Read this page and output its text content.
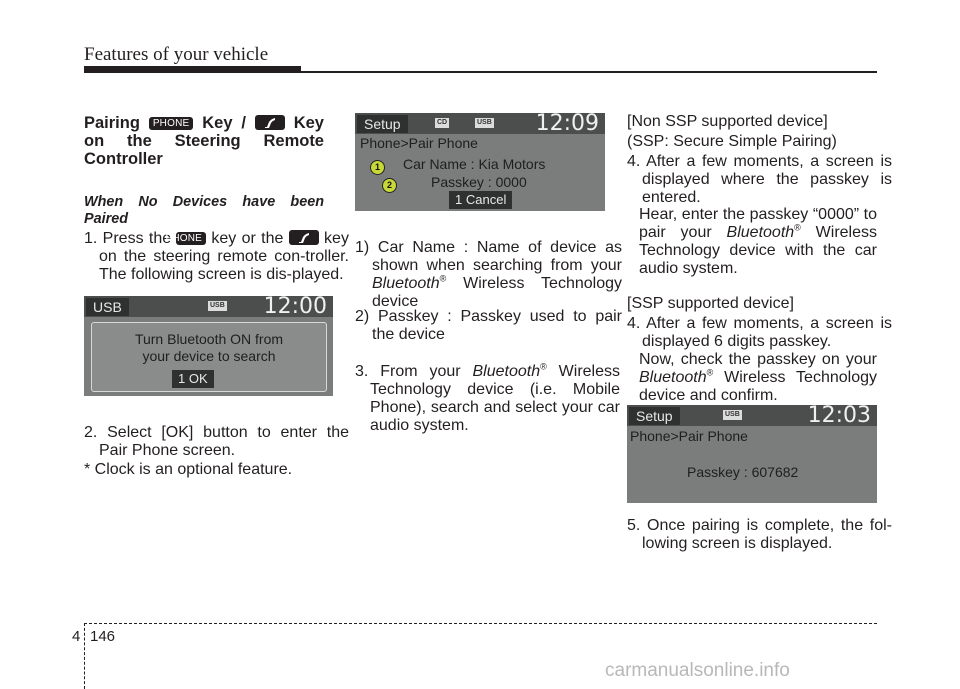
Features of your vehicle
Pairing PHONE Key /	Key on the Steering Remote Controller
When No Devices have been Paired
1. Press the PHONE key or the	key on the steering remote con-troller. The following screen is dis-played.
USB	USB 12:00
Turn Bluetooth ON from
your device to search
1 OK
2. Select [OK] button to enter the Pair Phone screen.
* Clock is an optional feature.
Setup	CD	USB 12:09
Phone>Pair Phone
1
2
Car Name : Kia Motors
Passkey : 0000
1 Cancel
1) Car Name : Name of device as shown when searching from your Bluetooth® Wireless Technology device
2) Passkey : Passkey used to pair the device
3. From your Bluetooth® Wireless Technology device (i.e. Mobile Phone), search and select your car audio system.
[Non SSP supported device]
(SSP: Secure Simple Pairing)
4. After a few moments, a screen is displayed where the passkey is entered.
Hear, enter the passkey “0000” to pair your Bluetooth® Wireless Technology device with the car audio system.
[SSP supported device]
4. After a few moments, a screen is displayed 6 digits passkey.
Now, check the passkey on your Bluetooth® Wireless Technology device and confirm.
Setup	USB	12:03
Phone>Pair Phone
Passkey : 607682
5. Once pairing is complete, the fol-lowing screen is displayed.
4 146
carmanualsonline.info
